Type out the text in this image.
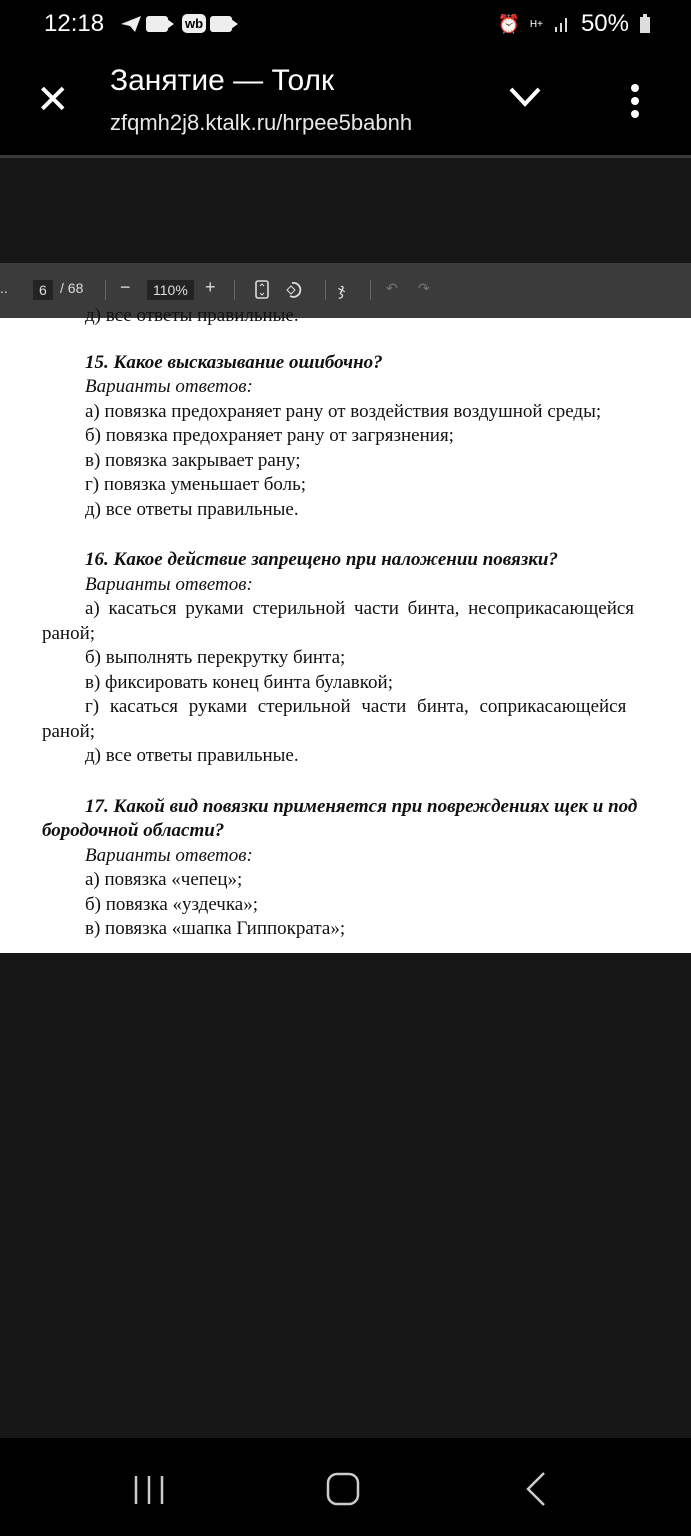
12:18	wb	⏰ H+ 50%
✕ Занятие — Толк
zfqmh2j8.ktalk.ru/hrpee5babnh
..	6 / 68 −	110% +	ჯ	↶ ↷

д) все ответы правильные.

15. Какое высказывание ошибочно?

Варианты ответов:

а) повязка предохраняет рану от воздействия воздушной среды;

б) повязка предохраняет рану от загрязнения;

в) повязка закрывает рану;

г) повязка уменьшает боль;

д) все ответы правильные.

16. Какое действие запрещено при наложении повязки?

Варианты ответов:

а) касаться руками стерильной части бинта, несоприкасающейся

раной;

б) выполнять перекрутку бинта;

в) фиксировать конец бинта булавкой;

г) касаться руками стерильной части бинта, соприкасающейся

раной;

д) все ответы правильные.

17. Какой вид повязки применяется при повреждениях щек и под

бородочной области?

Варианты ответов:

а) повязка «чепец»;

б) повязка «уздечка»;

в) повязка «шапка Гиппократа»;
